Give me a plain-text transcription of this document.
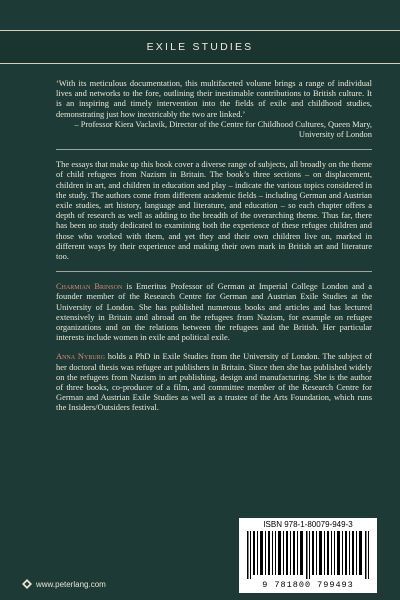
EXILE STUDIES

‘With its meticulous documentation, this multifaceted volume brings a range of individual lives and networks to the fore, outlining their inestimable contributions to British culture. It is an inspiring and timely intervention into the fields of exile and childhood studies, demonstrating just how inextricably the two are linked.’

– Professor Kiera Vaclavik, Director of the Centre for Childhood Cultures, Queen Mary, University of London

The essays that make up this book cover a diverse range of subjects, all broadly on the theme of child refugees from Nazism in Britain. The book’s three sections – on displacement, children in art, and children in education and play – indicate the various topics considered in the study. The authors come from different academic fields – including German and Austrian exile studies, art history, language and literature, and education – so each chapter offers a depth of research as well as adding to the breadth of the overarching theme. Thus far, there has been no study dedicated to examining both the experience of these refugee children and those who worked with them, and yet they and their own children live on, marked in different ways by their experience and making their own mark in British art and literature too.

Charmian Brinson is Emeritus Professor of German at Imperial College London and a founder member of the Research Centre for German and Austrian Exile Studies at the University of London. She has published numerous books and articles and has lectured extensively in Britain and abroad on the refugees from Nazism, for example on refugee organizations and on the relations between the refugees and the British. Her particular interests include women in exile and political exile.

Anna Nyburg holds a PhD in Exile Studies from the University of London. The subject of her doctoral thesis was refugee art publishers in Britain. Since then she has published widely on the refugees from Nazism in art publishing, design and manufacturing. She is the author of three books, co-producer of a film, and committee member of the Research Centre for German and Austrian Exile Studies as well as a trustee of the Arts Foundation, which runs the Insiders/Outsiders festival.

ISBN 978-1-80079-949-3
9 781800 799493
www.peterlang.com
